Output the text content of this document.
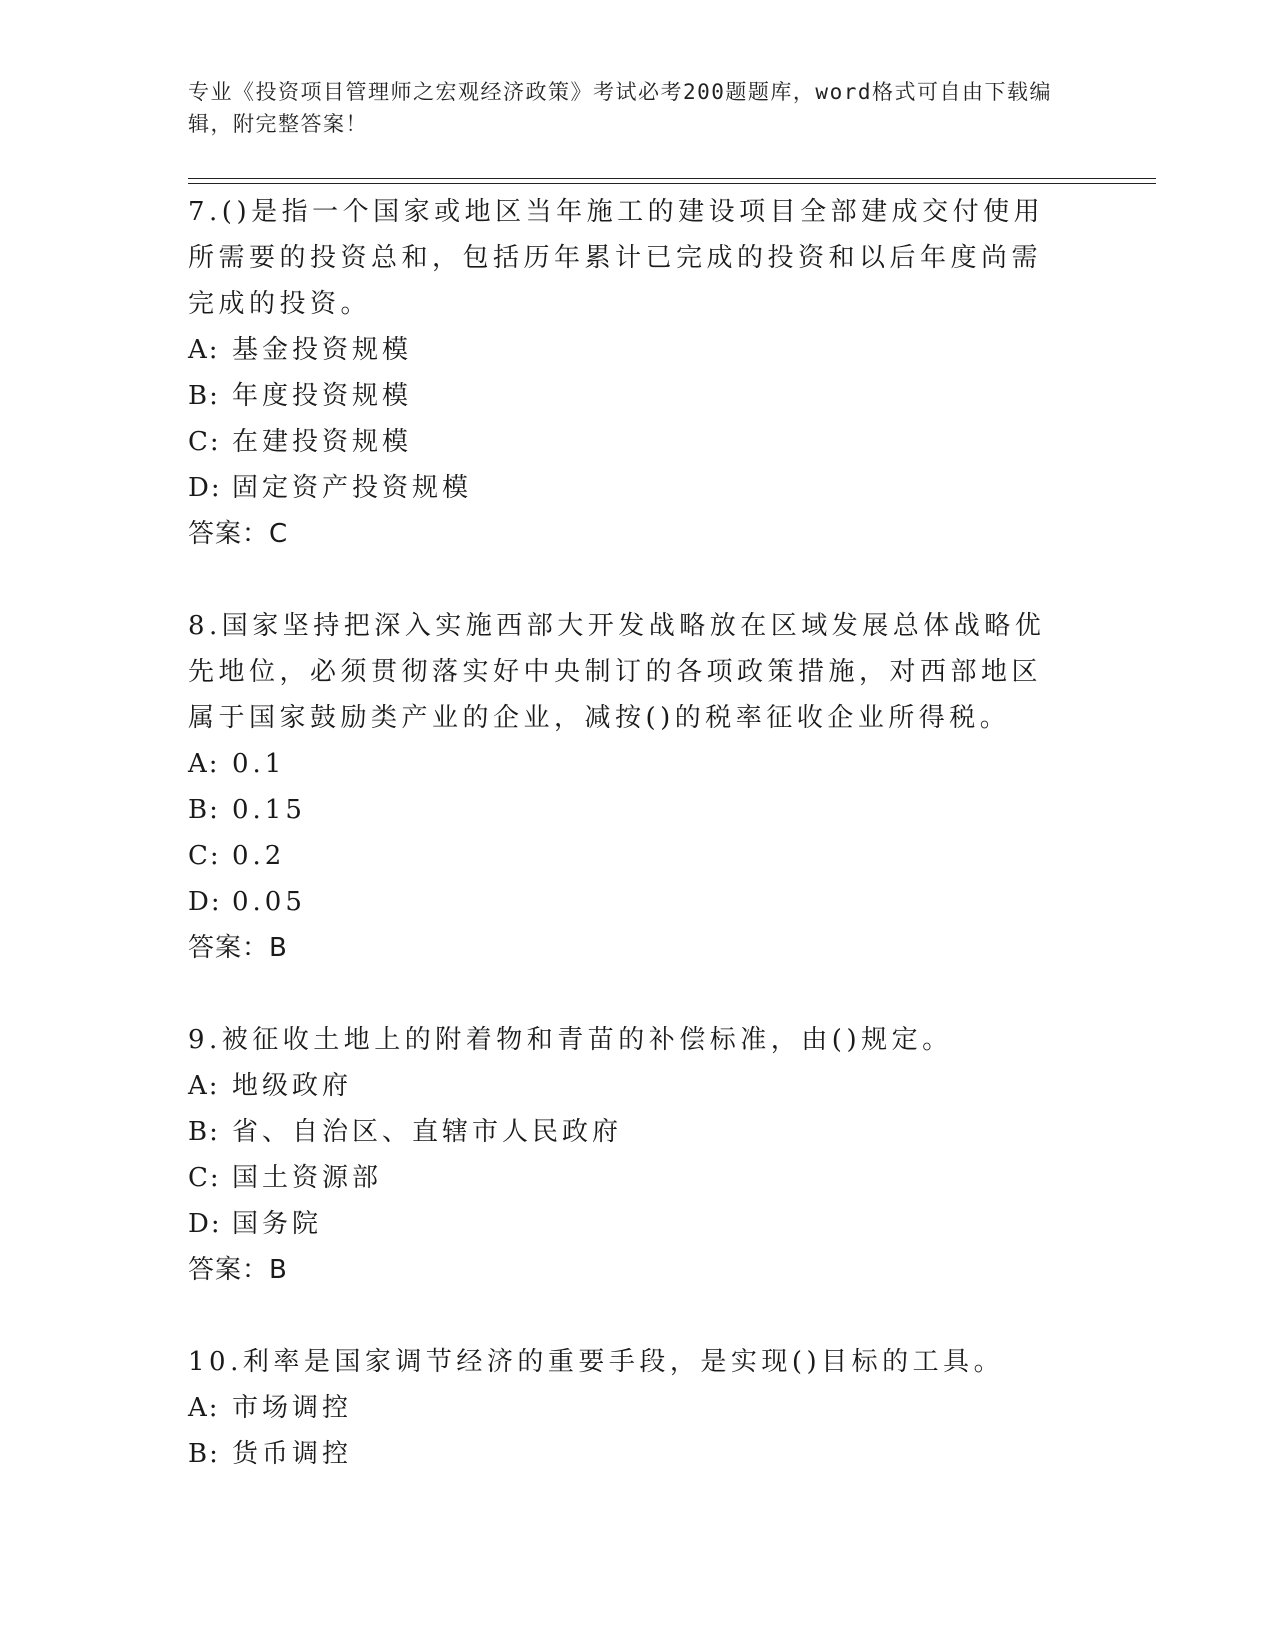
专业《投资项目管理师之宏观经济政策》考试必考200题题库，word格式可自由下载编辑，附完整答案！

7.()是指一个国家或地区当年施工的建设项目全部建成交付使用所需要的投资总和，包括历年累计已完成的投资和以后年度尚需完成的投资。

A: 基金投资规模

B: 年度投资规模

C: 在建投资规模

D: 固定资产投资规模

答案：C

8.国家坚持把深入实施西部大开发战略放在区域发展总体战略优先地位，必须贯彻落实好中央制订的各项政策措施，对西部地区属于国家鼓励类产业的企业，减按()的税率征收企业所得税。

A: 0.1

B: 0.15

C: 0.2

D: 0.05

答案：B

9.被征收土地上的附着物和青苗的补偿标准，由()规定。

A: 地级政府

B: 省、自治区、直辖市人民政府

C: 国土资源部

D: 国务院

答案：B

10.利率是国家调节经济的重要手段，是实现()目标的工具。

A: 市场调控

B: 货币调控
